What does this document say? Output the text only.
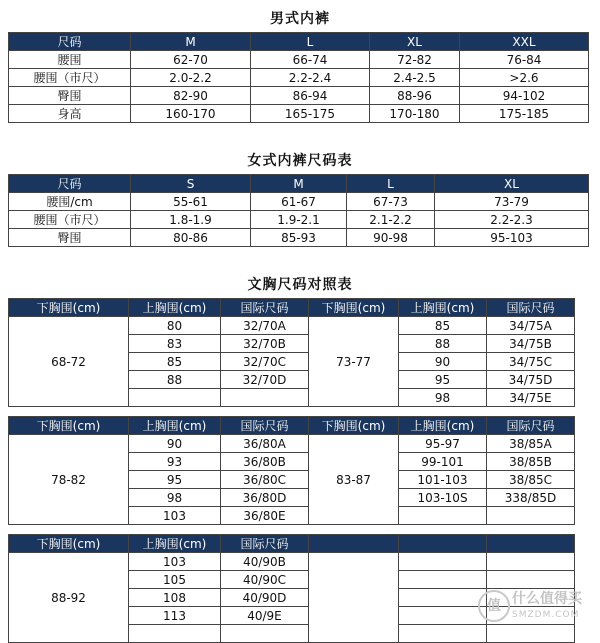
男式内裤
尺码	M	L	XL	XXL
腰围	62-70	66-74	72-82	76-84
腰围（市尺）	2.0-2.2	2.2-2.4	2.4-2.5	>2.6
臀围	82-90	86-94	88-96	94-102
身高	160-170	165-175	170-180	175-185
女式内裤尺码表
尺码	S	M	L	XL
腰围/cm	55-61	61-67	67-73	73-79
腰围（市尺）	1.8-1.9	1.9-2.1	2.1-2.2	2.2-2.3
臀围	80-86	85-93	90-98	95-103
文胸尺码对照表
下胸围(cm)	上胸围(cm)	国际尺码	下胸围(cm)	上胸围(cm)	国际尺码
68-72	80	32/70A	73-77	85	34/75A
	83	32/70B		88	34/75B
	85	32/70C		90	34/75C
	88	32/70D		95	34/75D
				98	34/75E
下胸围(cm)	上胸围(cm)	国际尺码	下胸围(cm)	上胸围(cm)	国际尺码
78-82	90	36/80A	83-87	95-97	38/85A
	93	36/80B		99-101	38/85B
	95	36/80C		101-103	38/85C
	98	36/80D		103-10S	338/85D
	103	36/80E			
下胸围(cm)	上胸围(cm)	国际尺码			
88-92	103	40/90B			
	105	40/90C			
	108	40/90D			
	113	40/9E			

值 什么值得买
SMZDM.COM
